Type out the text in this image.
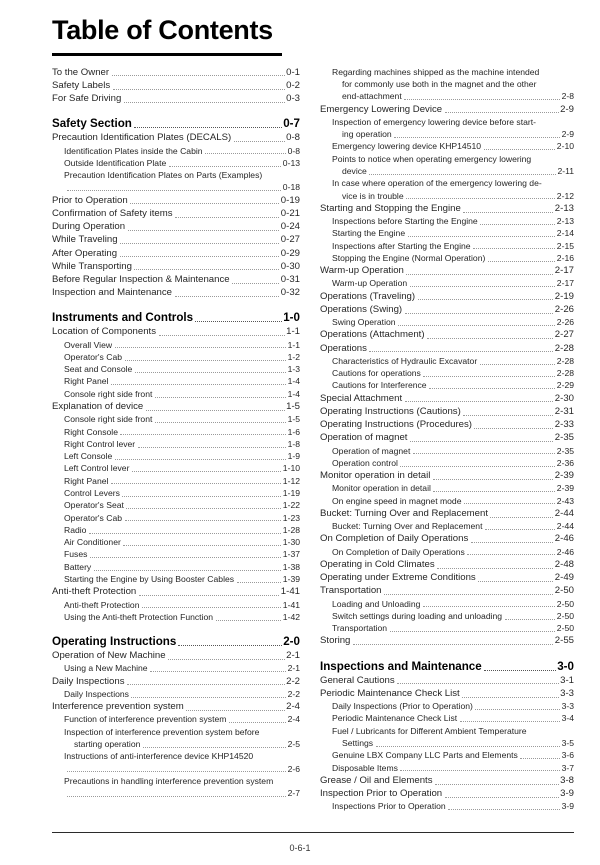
Table of Contents
To the Owner	0-1
Safety Labels	0-2
For Safe Driving	0-3
Safety Section	0-7
Precaution Identification Plates (DECALS)	0-8
Identification Plates inside the Cabin	0-8
Outside Identification Plate	0-13
Precaution Identification Plates on Parts (Examples)
0-18
Prior to Operation	0-19
Confirmation of Safety items	0-21
During Operation	0-24
While Traveling	0-27
After Operating	0-29
While Transporting	0-30
Before Regular Inspection & Maintenance	0-31
Inspection and Maintenance	0-32
Instruments and Controls	1-0
Location of Components	1-1
Overall View	1-1
Operator's Cab	1-2
Seat and Console	1-3
Right Panel	1-4
Console right side front	1-4
Explanation of device	1-5
Console right side front	1-5
Right Console	1-6
Right Control lever	1-8
Left Console	1-9
Left Control lever	1-10
Right Panel	1-12
Control Levers	1-19
Operator's Seat	1-22
Operator's Cab	1-23
Radio	1-28
Air Conditioner	1-30
Fuses	1-37
Battery	1-38
Starting the Engine by Using Booster Cables	1-39
Anti-theft Protection	1-41
Anti-theft Protection	1-41
Using the Anti-theft Protection Function	1-42
Operating Instructions	2-0
Operation of New Machine	2-1
Using a New Machine	2-1
Daily Inspections	2-2
Daily Inspections	2-2
Interference prevention system	2-4
Function of interference prevention system	2-4
Inspection of interference prevention system before
starting operation	2-5
Instructions of anti-interference device KHP14520
2-6
Precautions in handling interference prevention system
2-7
Regarding machines shipped as the machine intended
for commonly use both in the magnet and the other
end-attachment	2-8
Emergency Lowering Device	2-9
Inspection of emergency lowering device before start-
ing operation	2-9
Emergency lowering device KHP14510	2-10
Points to notice when operating emergency lowering
device	2-11
In case where operation of the emergency lowering de-
vice is in trouble	2-12
Starting and Stopping the Engine	2-13
Inspections before Starting the Engine	2-13
Starting the Engine	2-14
Inspections after Starting the Engine	2-15
Stopping the Engine (Normal Operation)	2-16
Warm-up Operation	2-17
Warm-up Operation	2-17
Operations (Traveling)	2-19
Operations (Swing)	2-26
Swing Operation	2-26
Operations (Attachment)	2-27
Operations	2-28
Characteristics of Hydraulic Excavator	2-28
Cautions for operations	2-28
Cautions for Interference	2-29
Special Attachment	2-30
Operating Instructions (Cautions)	2-31
Operating Instructions (Procedures)	2-33
Operation of magnet	2-35
Operation of magnet	2-35
Operation control	2-36
Monitor operation in detail	2-39
Monitor operation in detail	2-39
On engine speed in magnet mode	2-43
Bucket: Turning Over and Replacement	2-44
Bucket: Turning Over and Replacement	2-44
On Completion of Daily Operations	2-46
On Completion of Daily Operations	2-46
Operating in Cold Climates	2-48
Operating under Extreme Conditions	2-49
Transportation	2-50
Loading and Unloading	2-50
Switch settings during loading and unloading	2-50
Transportation	2-50
Storing	2-55
Inspections and Maintenance	3-0
General Cautions	3-1
Periodic Maintenance Check List	3-3
Daily Inspections (Prior to Operation)	3-3
Periodic Maintenance Check List	3-4
Fuel / Lubricants for Different Ambient Temperature
Settings	3-5
Genuine LBX Company LLC Parts and Elements	3-6
Disposable Items	3-7
Grease / Oil and Elements	3-8
Inspection Prior to Operation	3-9
Inspections Prior to Operation	3-9
0-6-1
